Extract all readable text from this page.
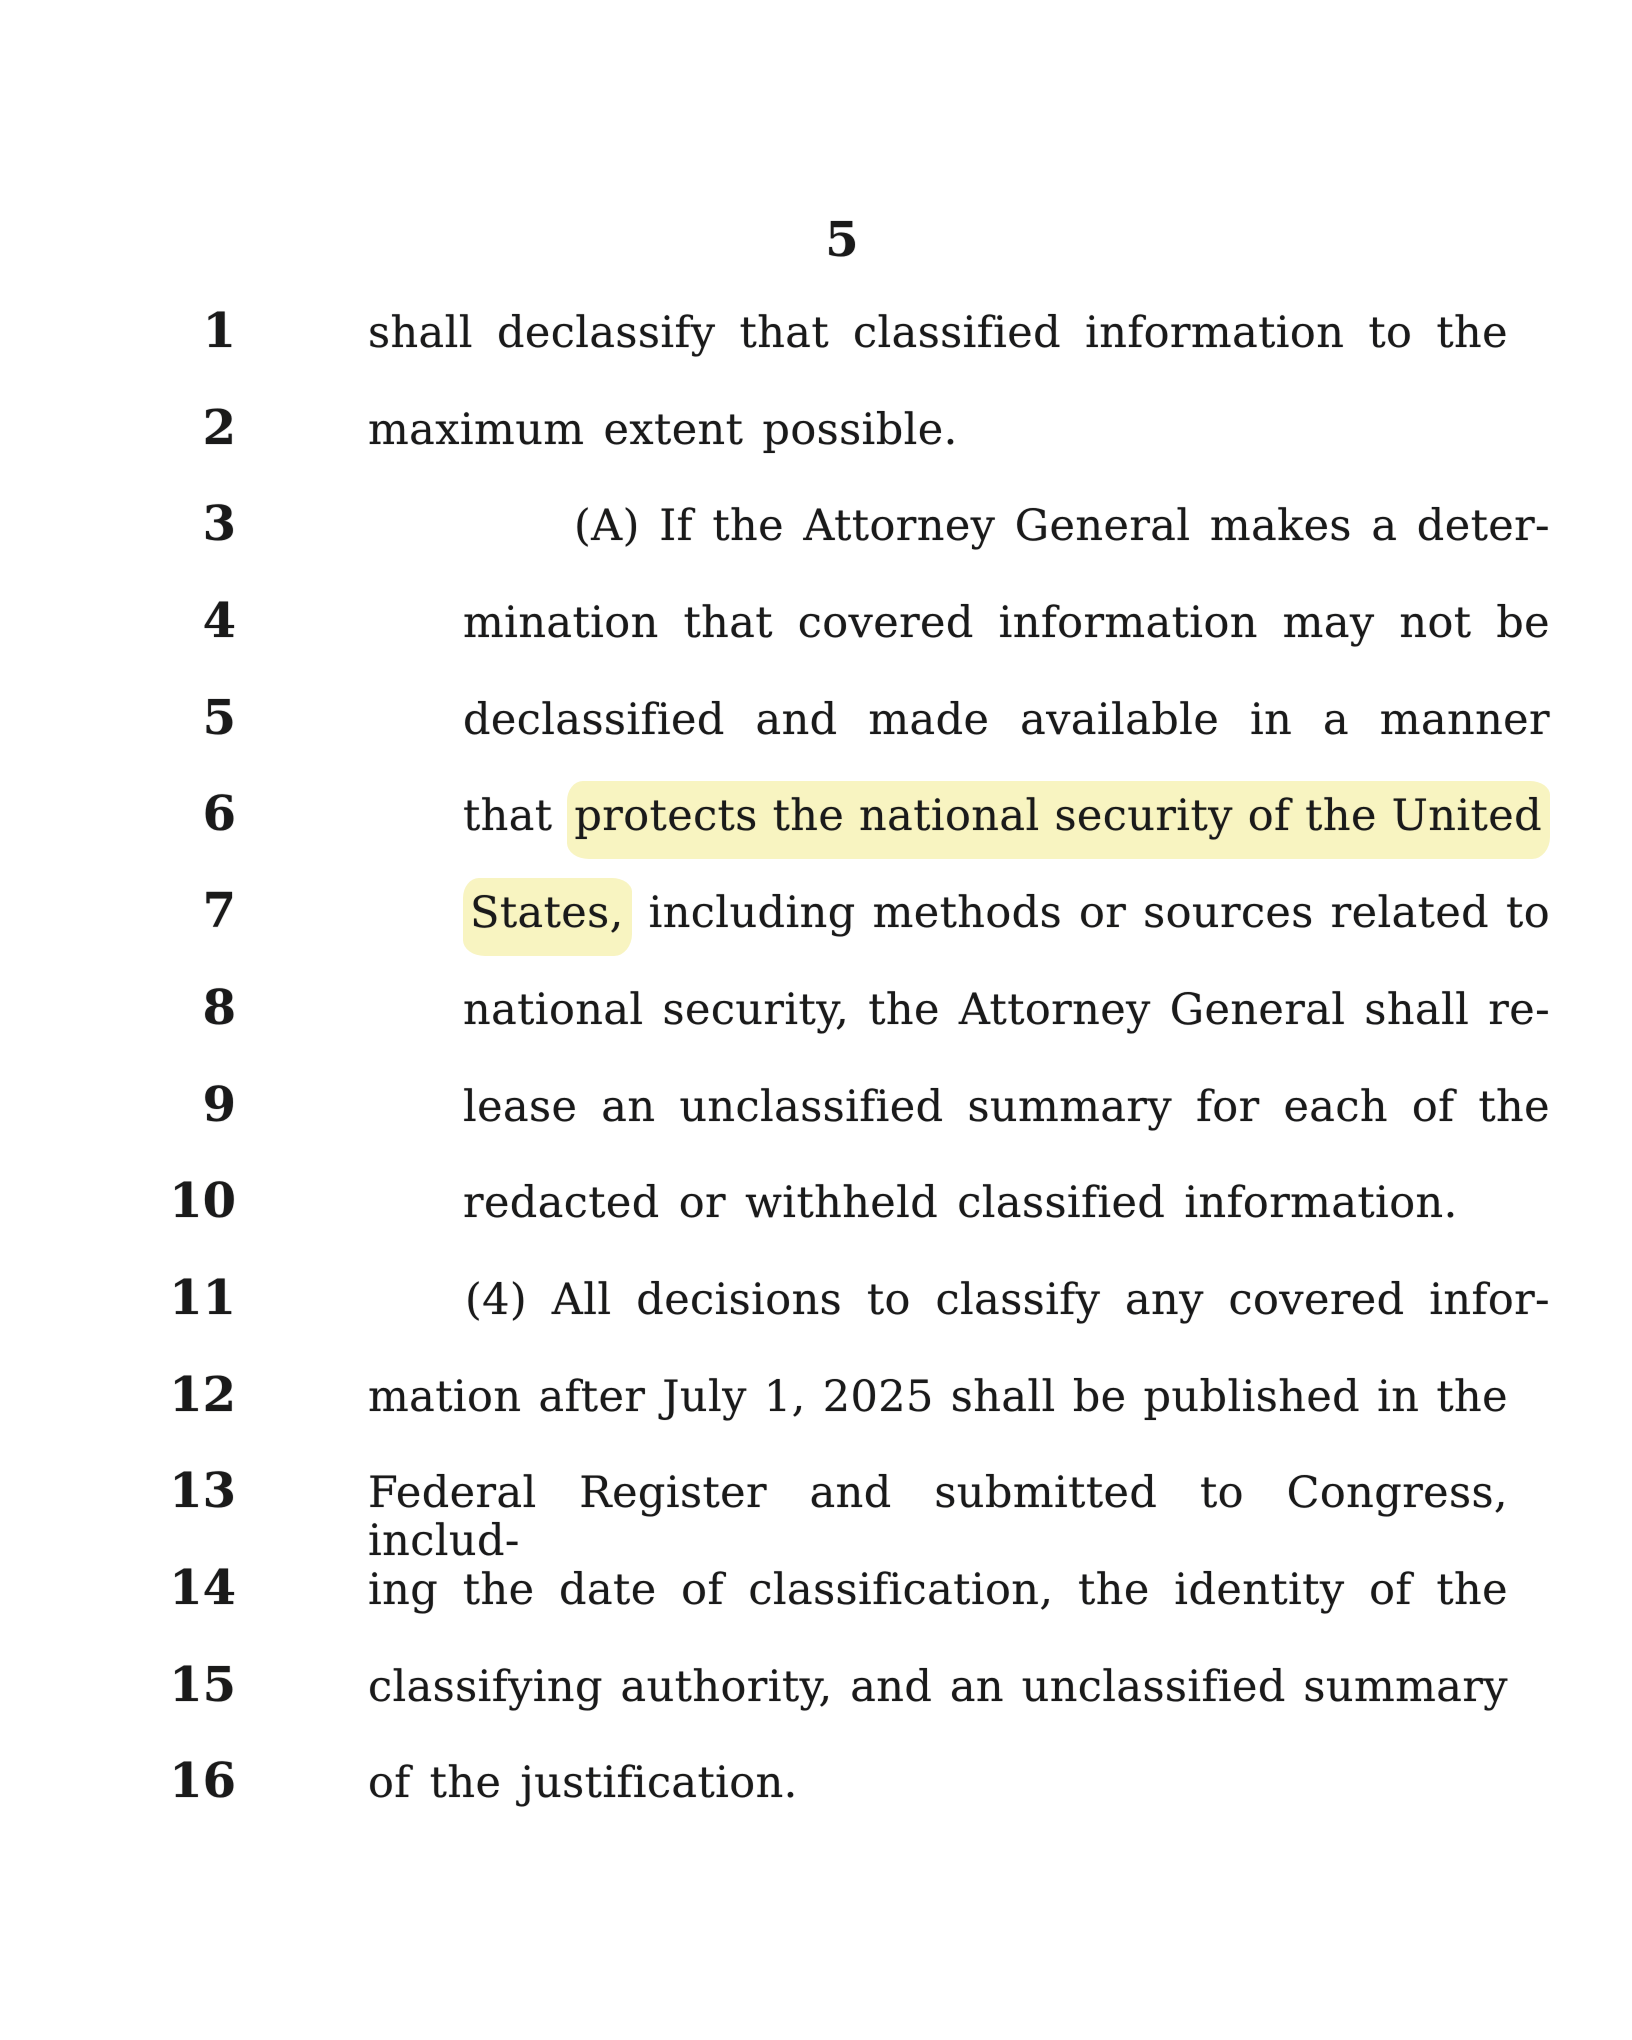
5
1	shall declassify that classified information to the
2	maximum extent possible.
3	(A) If the Attorney General makes a deter-
4	mination that covered information may not be
5	declassified and made available in a manner
6	that protects the national security of the United
7	States, including methods or sources related to
8	national security, the Attorney General shall re-
9	lease an unclassified summary for each of the
10	redacted or withheld classified information.
11	(4) All decisions to classify any covered infor-
12	mation after July 1, 2025 shall be published in the
13	Federal Register and submitted to Congress, includ-
14	ing the date of classification, the identity of the
15	classifying authority, and an unclassified summary
16	of the justification.
